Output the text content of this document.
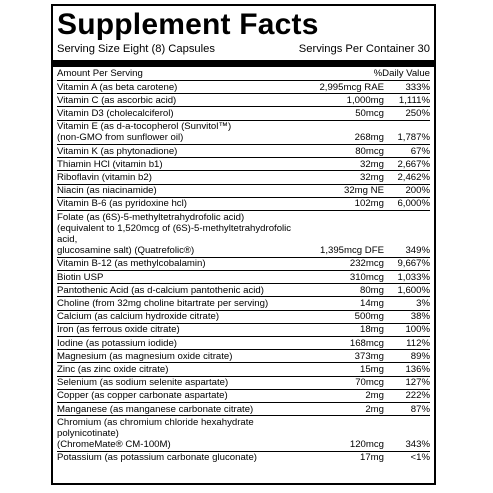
Supplement Facts
Serving Size Eight (8) Capsules	Servings Per Container 30
Amount Per Serving	%Daily Value
Vitamin A (as beta carotene)	2,995mcg RAE	333%
Vitamin C (as ascorbic acid)	1,000mg	1,111%
Vitamin D3 (cholecalciferol)	50mcg	250%
Vitamin E (as d-a-tocopherol (Sunvitol™)
(non-GMO from sunflower oil)	268mg	1,787%
Vitamin K (as phytonadione)	80mcg	67%
Thiamin HCl (vitamin b1)	32mg	2,667%
Riboflavin (vitamin b2)	32mg	2,462%
Niacin (as niacinamide)	32mg NE	200%
Vitamin B-6 (as pyridoxine hcl)	102mg	6,000%
Folate (as (6S)-5-methyltetrahydrofolic acid)
(equivalent to 1,520mcg of (6S)-5-methyltetrahydrofolic acid,
glucosamine salt) (Quatrefolic®)	1,395mcg DFE	349%
Vitamin B-12 (as methylcobalamin)	232mcg	9,667%
Biotin USP	310mcg	1,033%
Pantothenic Acid (as d-calcium pantothenic acid)	80mg	1,600%
Choline (from 32mg choline bitartrate per serving)	14mg	3%
Calcium (as calcium hydroxide citrate)	500mg	38%
Iron (as ferrous oxide citrate)	18mg	100%
Iodine (as potassium iodide)	168mcg	112%
Magnesium (as magnesium oxide citrate)	373mg	89%
Zinc (as zinc oxide citrate)	15mg	136%
Selenium (as sodium selenite aspartate)	70mcg	127%
Copper (as copper carbonate aspartate)	2mg	222%
Manganese (as manganese carbonate citrate)	2mg	87%
Chromium (as chromium chloride hexahydrate polynicotinate)
(ChromeMate® CM-100M)	120mcg	343%
Potassium (as potassium carbonate gluconate)	17mg	<1%
